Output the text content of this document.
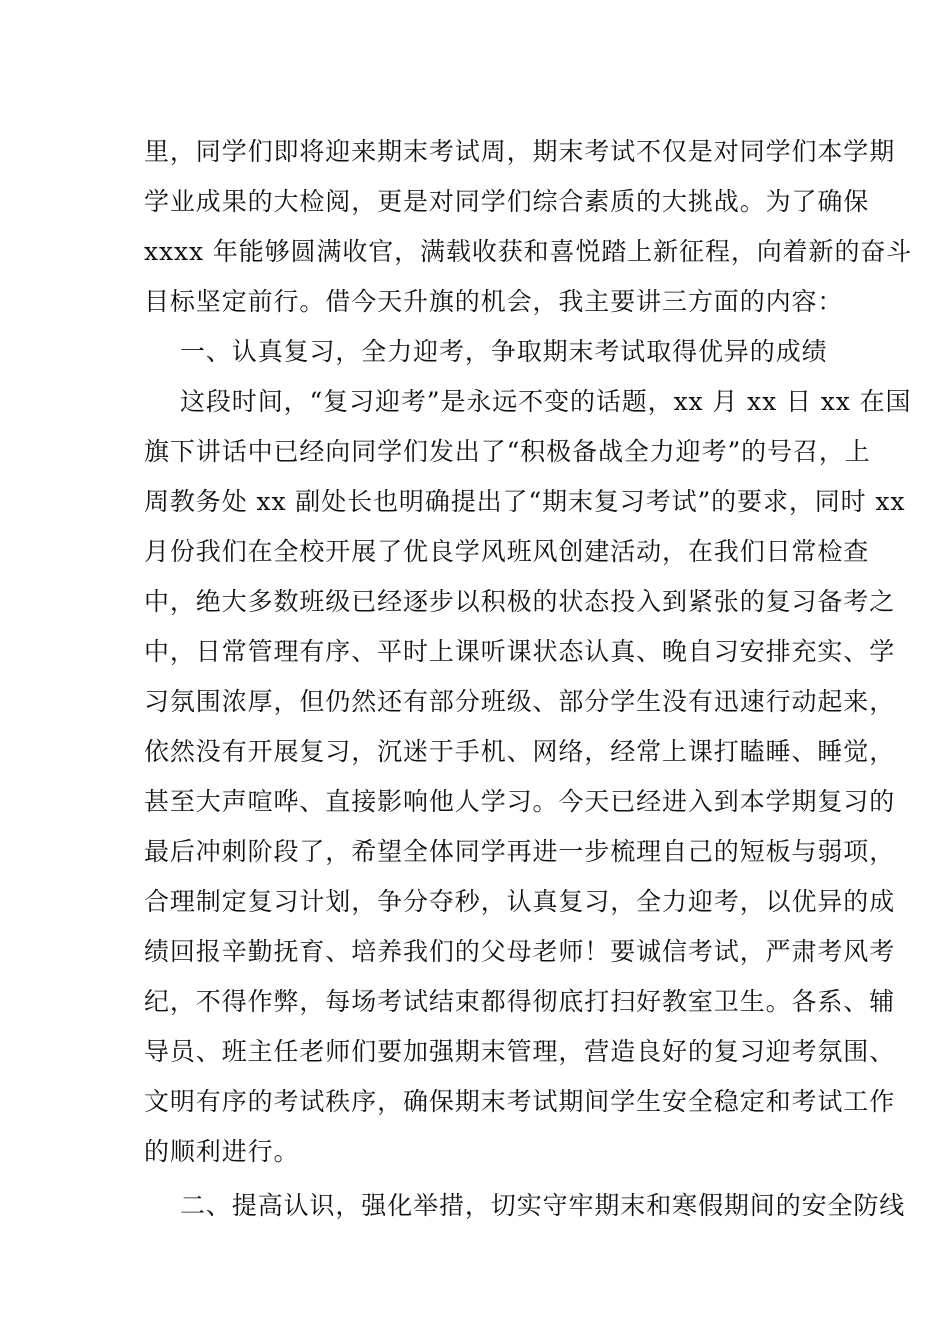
里，同学们即将迎来期末考试周，期末考试不仅是对同学们本学期
学业成果的大检阅，更是对同学们综合素质的大挑战。为了确保
xxxx 年能够圆满收官，满载收获和喜悦踏上新征程，向着新的奋斗
目标坚定前行。借今天升旗的机会，我主要讲三方面的内容：
一、认真复习，全力迎考，争取期末考试取得优异的成绩
这段时间，“复习迎考”是永远不变的话题，xx 月 xx 日 xx 在国
旗下讲话中已经向同学们发出了“积极备战全力迎考”的号召，上
周教务处 xx 副处长也明确提出了“期末复习考试”的要求，同时 xx
月份我们在全校开展了优良学风班风创建活动，在我们日常检查
中，绝大多数班级已经逐步以积极的状态投入到紧张的复习备考之
中，日常管理有序、平时上课听课状态认真、晚自习安排充实、学
习氛围浓厚，但仍然还有部分班级、部分学生没有迅速行动起来，
依然没有开展复习，沉迷于手机、网络，经常上课打瞌睡、睡觉，
甚至大声喧哗、直接影响他人学习。今天已经进入到本学期复习的
最后冲刺阶段了，希望全体同学再进一步梳理自己的短板与弱项，
合理制定复习计划，争分夺秒，认真复习，全力迎考，以优异的成
绩回报辛勤抚育、培养我们的父母老师！要诚信考试，严肃考风考
纪，不得作弊，每场考试结束都得彻底打扫好教室卫生。各系、辅
导员、班主任老师们要加强期末管理，营造良好的复习迎考氛围、
文明有序的考试秩序，确保期末考试期间学生安全稳定和考试工作
的顺利进行。
二、提高认识，强化举措，切实守牢期末和寒假期间的安全防线
